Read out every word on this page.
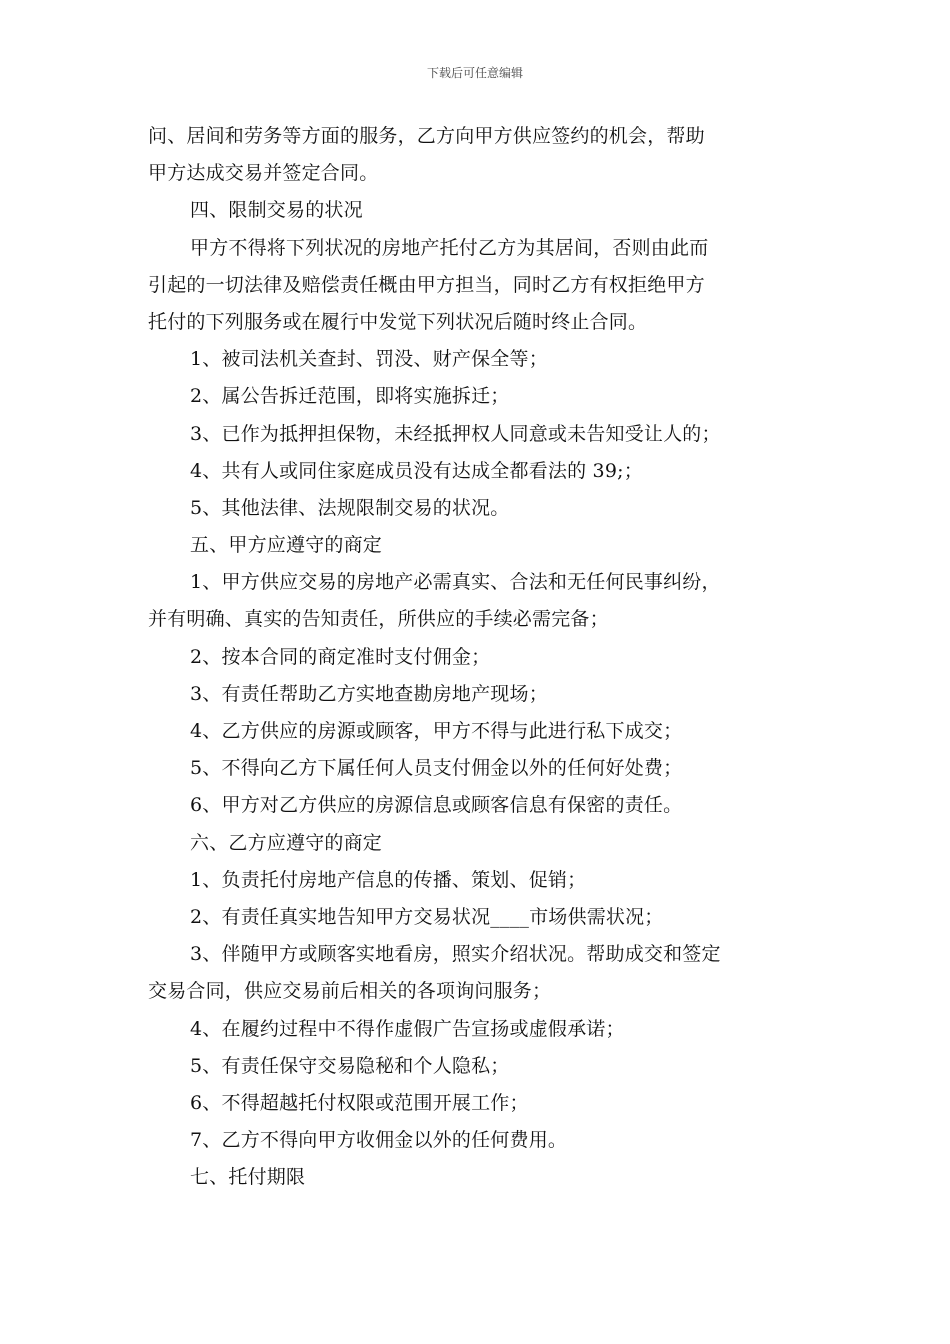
下载后可任意编辑
问、居间和劳务等方面的服务，乙方向甲方供应签约的机会，帮助
甲方达成交易并签定合同。
四、限制交易的状况
甲方不得将下列状况的房地产托付乙方为其居间，否则由此而
引起的一切法律及赔偿责任概由甲方担当，同时乙方有权拒绝甲方
托付的下列服务或在履行中发觉下列状况后随时终止合同。
1、被司法机关查封、罚没、财产保全等；
2、属公告拆迁范围，即将实施拆迁；
3、已作为抵押担保物，未经抵押权人同意或未告知受让人的；
4、共有人或同住家庭成员没有达成全都看法的 39;；
5、其他法律、法规限制交易的状况。
五、甲方应遵守的商定
1、甲方供应交易的房地产必需真实、合法和无任何民事纠纷，
并有明确、真实的告知责任，所供应的手续必需完备；
2、按本合同的商定准时支付佣金；
3、有责任帮助乙方实地查勘房地产现场；
4、乙方供应的房源或顾客，甲方不得与此进行私下成交；
5、不得向乙方下属任何人员支付佣金以外的任何好处费；
6、甲方对乙方供应的房源信息或顾客信息有保密的责任。
六、乙方应遵守的商定
1、负责托付房地产信息的传播、策划、促销；
2、有责任真实地告知甲方交易状况____市场供需状况；
3、伴随甲方或顾客实地看房，照实介绍状况。帮助成交和签定
交易合同，供应交易前后相关的各项询问服务；
4、在履约过程中不得作虚假广告宣扬或虚假承诺；
5、有责任保守交易隐秘和个人隐私；
6、不得超越托付权限或范围开展工作；
7、乙方不得向甲方收佣金以外的任何费用。
七、托付期限
